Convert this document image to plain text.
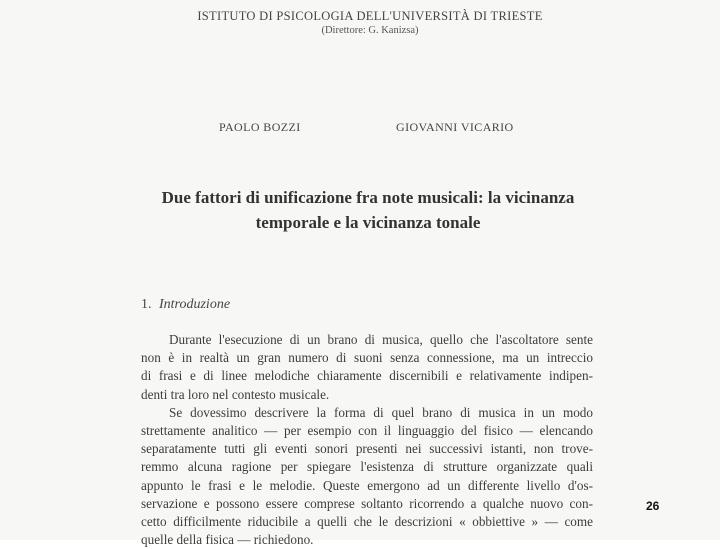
ISTITUTO DI PSICOLOGIA DELL'UNIVERSITÀ DI TRIESTE
(Direttore: G. Kanizsa)
PAOLO BOZZI	GIOVANNI VICARIO
Due fattori di unificazione fra note musicali: la vicinanza
temporale e la vicinanza tonale
1. Introduzione
Durante l'esecuzione di un brano di musica, quello che l'ascoltatore sente
non è in realtà un gran numero di suoni senza connessione, ma un intreccio
di frasi e di linee melodiche chiaramente discernibili e relativamente indipen-
denti tra loro nel contesto musicale.
Se dovessimo descrivere la forma di quel brano di musica in un modo
strettamente analitico — per esempio con il linguaggio del fisico — elencando
separatamente tutti gli eventi sonori presenti nei successivi istanti, non trove-
remmo alcuna ragione per spiegare l'esistenza di strutture organizzate quali
appunto le frasi e le melodie. Queste emergono ad un differente livello d'os-
servazione e possono essere comprese soltanto ricorrendo a qualche nuovo con-
cetto difficilmente riducibile a quelli che le descrizioni « obbiettive » — come
quelle della fisica — richiedono.
26
